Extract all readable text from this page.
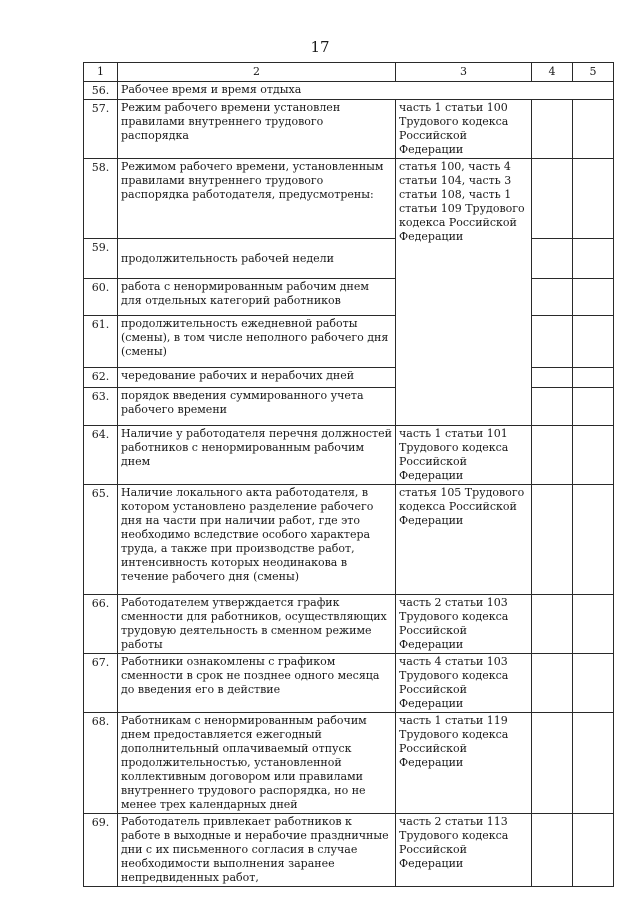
17
1	2	3	4	5
56.	Рабочее время и время отдыха			
57.	Режим рабочего времени установлен правилами внутреннего трудового распорядка	часть 1 статьи 100 Трудового кодекса Российской Федерации		
58.	Режимом рабочего времени, установленным правилами внутреннего трудового распорядка работодателя, предусмотрены:	статья 100, часть 4 статьи 104, часть 3 статьи 108, часть 1 статьи 109 Трудового кодекса Российской Федерации		
59.	продолжительность рабочей недели			
60.	работа с ненормированным рабочим днем для отдельных категорий работников			
61.	продолжительность ежедневной работы (смены), в том числе неполного рабочего дня (смены)			
62.	чередование рабочих и нерабочих дней			
63.	порядок введения суммированного учета рабочего времени			
64.	Наличие у работодателя перечня должностей работников с ненормированным рабочим днем	часть 1 статьи 101 Трудового кодекса Российской Федерации		
65.	Наличие локального акта работодателя, в котором установлено разделение рабочего дня на части при наличии работ, где это необходимо вследствие особого характера труда, а также при производстве работ, интенсивность которых неодинакова в течение рабочего дня (смены)	статья 105 Трудового кодекса Российской Федерации		
66.	Работодателем утверждается график сменности для работников, осуществляющих трудовую деятельность в сменном режиме работы	часть 2 статьи 103 Трудового кодекса Российской Федерации		
67.	Работники ознакомлены с графиком сменности в срок не позднее одного месяца до введения его в действие	часть 4 статьи 103 Трудового кодекса Российской Федерации		
68.	Работникам с ненормированным рабочим днем предоставляется ежегодный дополнительный оплачиваемый отпуск продолжительностью, установленной коллективным договором или правилами внутреннего трудового распорядка, но не менее трех календарных дней	часть 1 статьи 119 Трудового кодекса Российской Федерации		
69.	Работодатель привлекает работников к работе в выходные и нерабочие праздничные дни с их письменного согласия в случае необходимости выполнения заранее непредвиденных работ,	часть 2 статьи 113 Трудового кодекса Российской Федерации		
